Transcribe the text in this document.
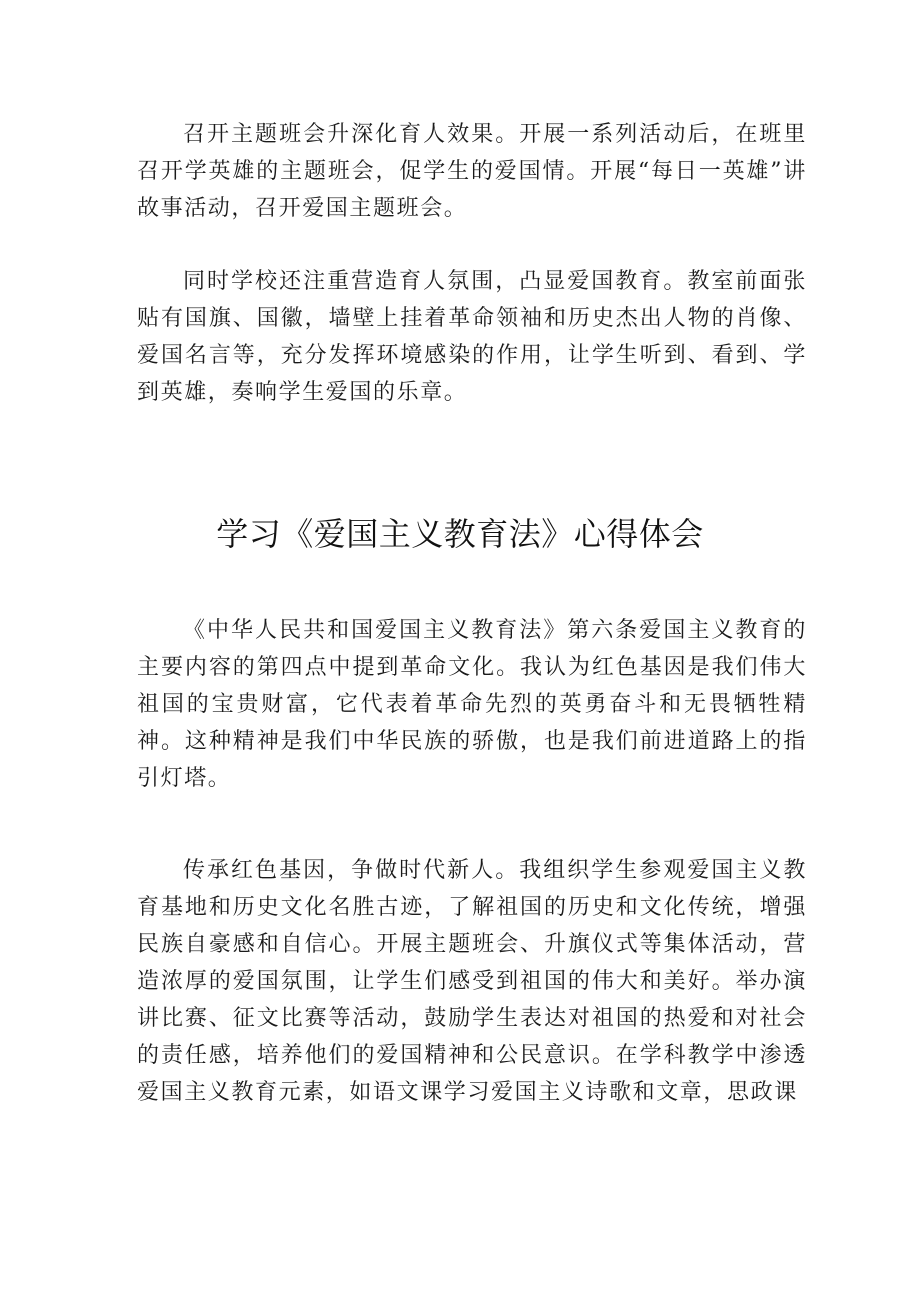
召开主题班会升深化育人效果。开展一系列活动后，在班里召开学英雄的主题班会，促学生的爱国情。开展“每日一英雄”讲故事活动，召开爱国主题班会。

同时学校还注重营造育人氛围，凸显爱国教育。教室前面张贴有国旗、国徽，墙壁上挂着革命领袖和历史杰出人物的肖像、爱国名言等，充分发挥环境感染的作用，让学生听到、看到、学到英雄，奏响学生爱国的乐章。

学习《爱国主义教育法》心得体会

《中华人民共和国爱国主义教育法》第六条爱国主义教育的主要内容的第四点中提到革命文化。我认为红色基因是我们伟大祖国的宝贵财富，它代表着革命先烈的英勇奋斗和无畏牺牲精神。这种精神是我们中华民族的骄傲，也是我们前进道路上的指引灯塔。

传承红色基因，争做时代新人。我组织学生参观爱国主义教育基地和历史文化名胜古迹，了解祖国的历史和文化传统，增强民族自豪感和自信心。开展主题班会、升旗仪式等集体活动，营造浓厚的爱国氛围，让学生们感受到祖国的伟大和美好。举办演讲比赛、征文比赛等活动，鼓励学生表达对祖国的热爱和对社会的责任感，培养他们的爱国精神和公民意识。在学科教学中渗透爱国主义教育元素，如语文课学习爱国主义诗歌和文章，思政课
